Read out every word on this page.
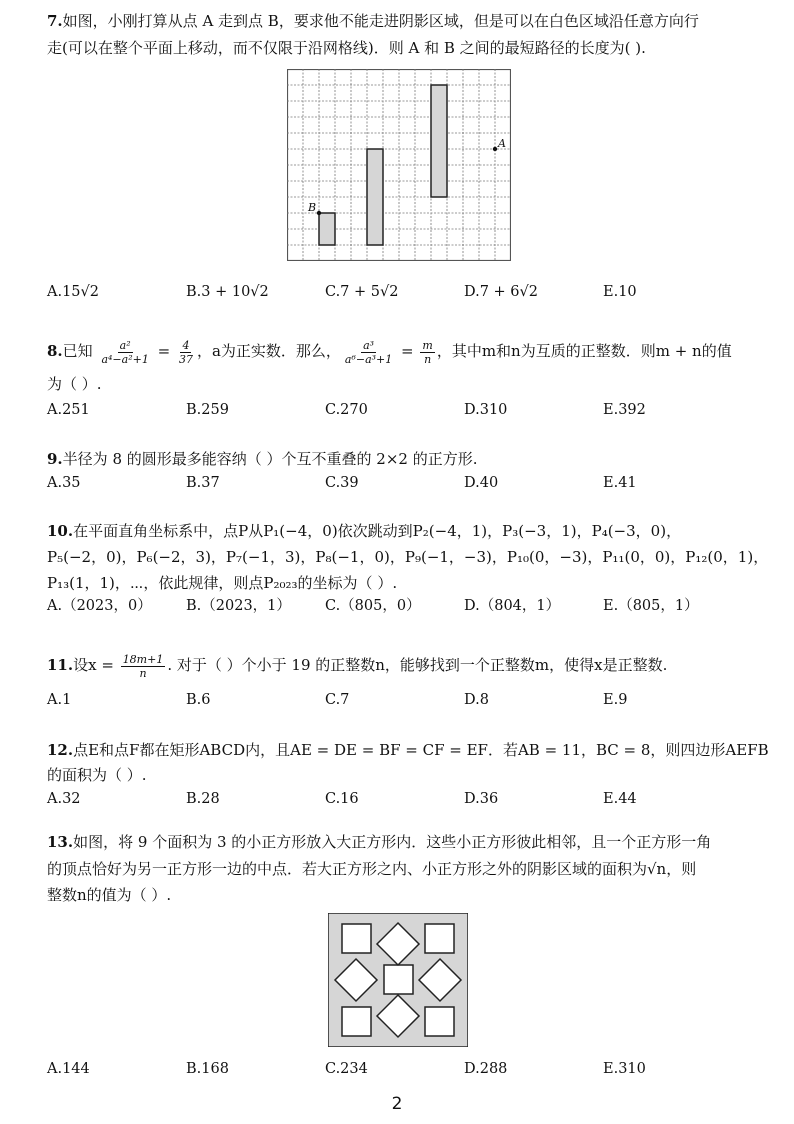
7.如图，小刚打算从点 A 走到点 B，要求他不能走进阴影区域，但是可以在白色区域沿任意方向行
走(可以在整个平面上移动，而不仅限于沿网格线)．则 A 和 B 之间的最短路径的长度为( ).
A
B
A.15√2	B.3 + 10√2	C.7 + 5√2	D.7 + 6√2	E.10
8.已知 $\frac{\text{a²}}{\text{a⁴−a²+1}} = \frac{4}{37}$ ，a为正实数．那么， $\frac{\text{a³}}{\text{a⁶−a³+1}} = \frac{m}{n}$ ，其中m和n为互质的正整数．则m + n的值
为（ ）.
A.251	B.259	C.270	D.310	E.392
9.半径为 8 的圆形最多能容纳（ ）个互不重叠的 2×2 的正方形.
A.35	B.37	C.39	D.40	E.41
10.在平面直角坐标系中，点P从P₁(−4，0)依次跳动到P₂(−4，1)，P₃(−3，1)，P₄(−3，0)，
P₅(−2，0)，P₆(−2，3)，P₇(−1，3)，P₈(−1，0)，P₉(−1，−3)，P₁₀(0，−3)，P₁₁(0，0)，P₁₂(0，1)，
P₁₃(1，1)，⋯，依此规律，则点P₂₀₂₃的坐标为（ ）.
A.（2023，0） B.（2023，1） C.（805，0）	D.（804，1）	E.（805，1）
11.设$x = \frac{18m+1}{n}$ . 对于（ ）个小于 19 的正整数n，能够找到一个正整数m，使得x是正整数.
A.1	B.6	C.7	D.8	E.9
12.点E和点F都在矩形ABCD内，且AE = DE = BF = CF = EF．若AB = 11，BC = 8，则四边形AEFB
的面积为（ ）.
A.32	B.28	C.16	D.36	E.44
13.如图，将 9 个面积为 3 的小正方形放入大正方形内．这些小正方形彼此相邻，且一个正方形一角
的顶点恰好为另一正方形一边的中点．若大正方形之内、小正方形之外的阴影区域的面积为√n，则
整数n的值为（ ）.
A.144	B.168	C.234	D.288	E.310
2
